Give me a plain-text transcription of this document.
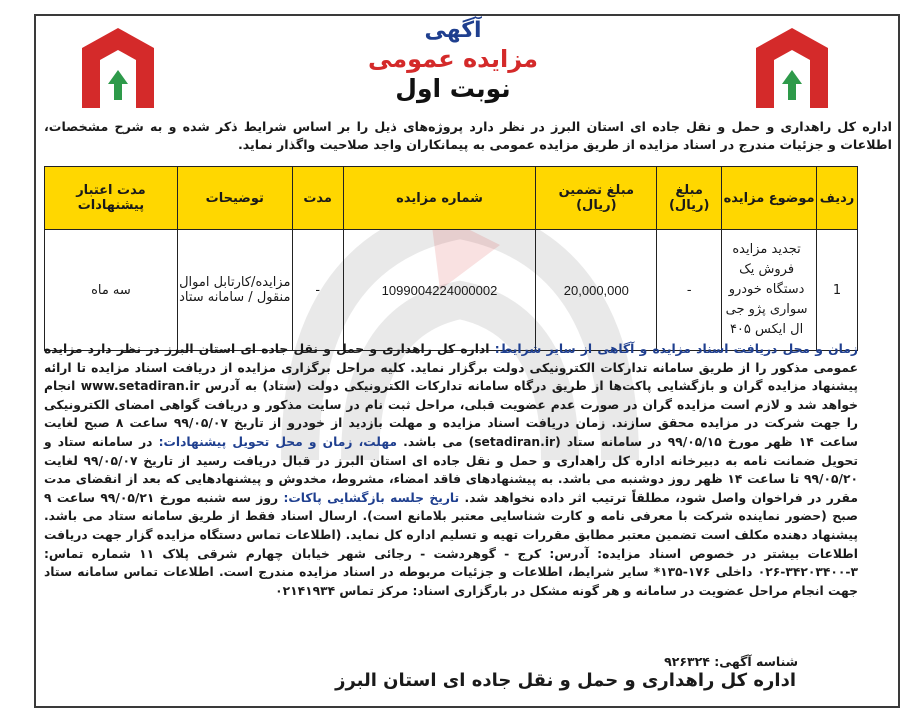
آگهی
مزایده عمومی
نوبت اول
اداره کل راهداری و حمل و نقل جاده ای استان البرز در نظر دارد پروژه‌های ذیل را بر اساس شرایط ذکر شده و به شرح مشخصات، اطلاعات و جزئیات مندرج در اسناد مزایده از طریق مزایده عمومی به پیمانکاران واجد صلاحیت واگذار نماید.
ردیف	موضوع مزایده	مبلغ (ریال)	مبلغ تضمین (ریال)	شماره مزایده	مدت	توضیحات	مدت اعتبار پیشنهادات
1	تجدید مزایده فروش یک دستگاه خودرو سواری پژو جی ال ایکس ۴۰۵	-	20,000,000	1099004224000002	-	مزایده/کارتابل اموال منقول / سامانه ستاد	سه ماه
زمان و محل دریافت اسناد مزایده و آگاهی از سایر شرایط: اداره کل راهداری و حمل و نقل جاده ای استان البرز در نظر دارد مزایده عمومی مذکور را از طریق سامانه تدارکات الکترونیکی دولت برگزار نماید. کلیه مراحل برگزاری مزایده از دریافت اسناد مزایده تا ارائه پیشنهاد مزایده گران و بازگشایی پاکت‌ها از طریق درگاه سامانه تدارکات الکترونیکی دولت (ستاد) به آدرس www.setadiran.ir انجام خواهد شد و لازم است مزایده گران در صورت عدم عضویت قبلی، مراحل ثبت نام در سایت مذکور و دریافت گواهی امضای الکترونیکی را جهت شرکت در مزایده محقق سازند. زمان دریافت اسناد مزایده و مهلت بازدید از خودرو از تاریخ ۹۹/۰۵/۰۷ ساعت ۸ صبح لغایت ساعت ۱۴ ظهر مورخ ۹۹/۰۵/۱۵ در سامانه ستاد (setadiran.ir) می باشد. مهلت، زمان و محل تحویل پیشنهادات: در سامانه ستاد و تحویل ضمانت نامه به دبیرخانه اداره کل راهداری و حمل و نقل جاده ای استان البرز در قبال دریافت رسید از تاریخ ۹۹/۰۵/۰۷ لغایت ۹۹/۰۵/۲۰ تا ساعت ۱۴ ظهر روز دوشنبه می باشد. به پیشنهادهای فاقد امضاء، مشروط، مخدوش و پیشنهادهایی که بعد از انقضای مدت مقرر در فراخوان واصل شود، مطلقاً ترتیب اثر داده نخواهد شد. تاریخ جلسه بازگشایی پاکات: روز سه شنبه مورخ ۹۹/۰۵/۲۱ ساعت ۹ صبح (حضور نماینده شرکت با معرفی نامه و کارت شناسایی معتبر بلامانع است). ارسال اسناد فقط از طریق سامانه ستاد می باشد. پیشنهاد دهنده مکلف است تضمین معتبر مطابق مقررات تهیه و تسلیم اداره کل نماید. (اطلاعات تماس دستگاه مزایده گزار جهت دریافت اطلاعات بیشتر در خصوص اسناد مزایده: آدرس: کرج - گوهردشت - رجائی شهر خیابان چهارم شرقی پلاک ۱۱ شماره تماس: ۳-۳۴۲۰۳۴۰۰-۰۲۶ داخلی ۱۷۶-۱۳۵* سایر شرایط، اطلاعات و جزئیات مربوطه در اسناد مزایده مندرج است. اطلاعات تماس سامانه ستاد جهت انجام مراحل عضویت در سامانه و هر گونه مشکل در بارگزاری اسناد: مرکز تماس ۰۲۱۴۱۹۳۴
شناسه آگهی: ۹۲۶۳۲۴
اداره کل راهداری و حمل و نقل جاده ای استان البرز
